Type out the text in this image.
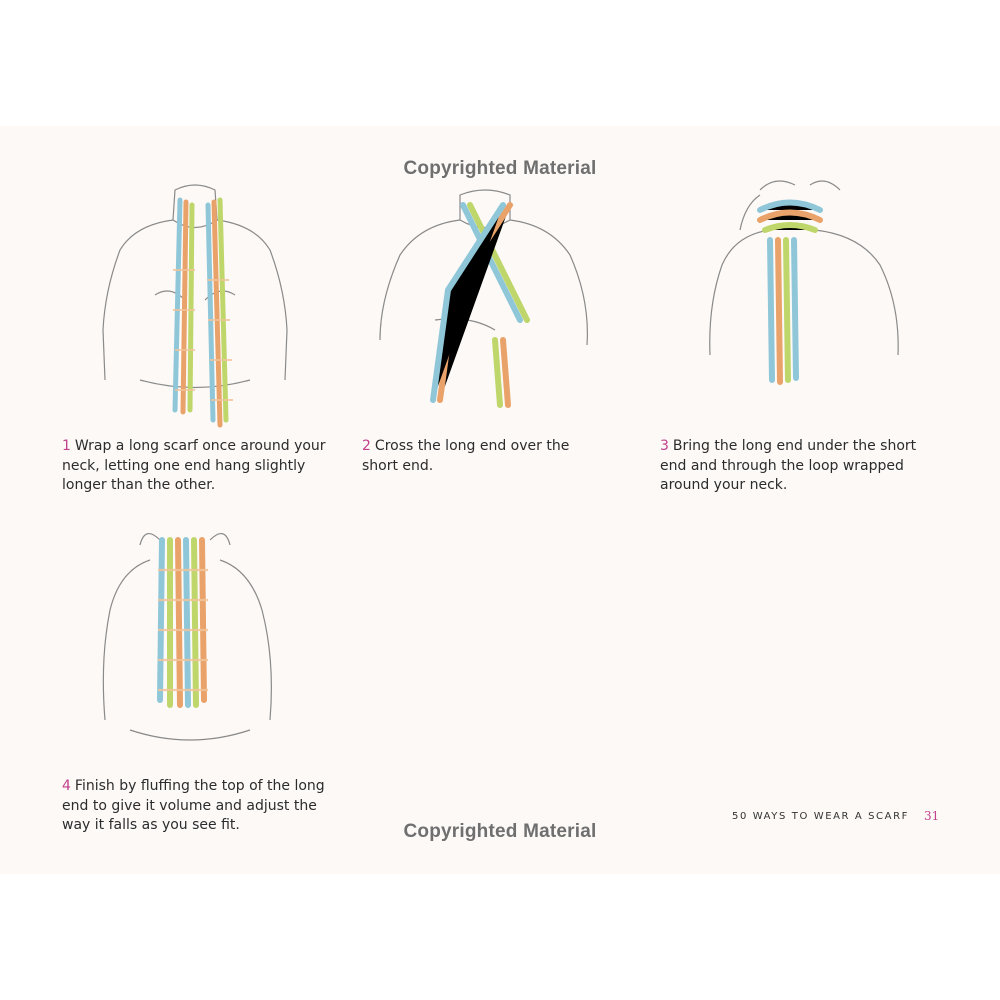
Copyrighted Material
1 Wrap a long scarf once around your neck, letting one end hang slightly longer than the other.
2 Cross the long end over the short end.
3 Bring the long end under the short end and through the loop wrapped around your neck.
4 Finish by fluffing the top of the long end to give it volume and adjust the way it falls as you see fit.	Copyrighted Material
50 WAYS TO WEAR A SCARF 31
